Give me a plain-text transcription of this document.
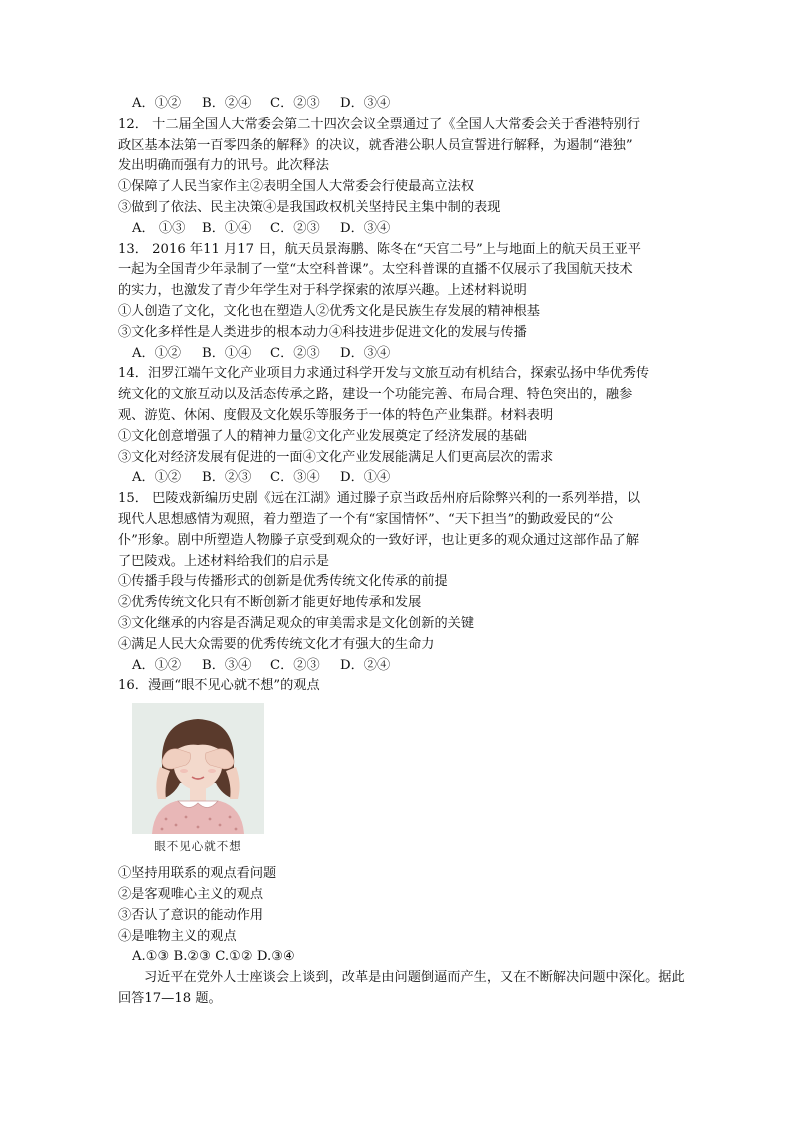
A．①② B．②④ C．②③ D．③④
12． 十二届全国人大常委会第二十四次会议全票通过了《全国人大常委会关于香港特别行
政区基本法第一百零四条的解释》的决议，就香港公职人员宣誓进行解释，为遏制“港独”
发出明确而强有力的讯号。此次释法
①保障了人民当家作主②表明全国人大常委会行使最高立法权
③做到了依法、民主决策④是我国政权机关坚持民主集中制的表现
A． ①③ B．①④ C．②③ D．③④
13． 2016 年11 月17 日，航天员景海鹏、陈冬在“天宫二号”上与地面上的航天员王亚平
一起为全国青少年录制了一堂“太空科普课”。太空科普课的直播不仅展示了我国航天技术
的实力，也激发了青少年学生对于科学探索的浓厚兴趣。上述材料说明
①人创造了文化，文化也在塑造人②优秀文化是民族生存发展的精神根基
③文化多样性是人类进步的根本动力④科技进步促进文化的发展与传播
A．①② B．①④ C．②③ D．③④
14．汨罗江端午文化产业项目力求通过科学开发与文旅互动有机结合，探索弘扬中华优秀传
统文化的文旅互动以及活态传承之路，建设一个功能完善、布局合理、特色突出的，融参
观、游览、休闲、度假及文化娱乐等服务于一体的特色产业集群。材料表明
①文化创意增强了人的精神力量②文化产业发展奠定了经济发展的基础
③文化对经济发展有促进的一面④文化产业发展能满足人们更高层次的需求
A．①② B．②③ C．③④ D．①④
15． 巴陵戏新编历史剧《远在江湖》通过滕子京当政岳州府后除弊兴利的一系列举措，以
现代人思想感情为观照，着力塑造了一个有“家国情怀”、“天下担当”的勤政爱民的“公
仆”形象。剧中所塑造人物滕子京受到观众的一致好评，也让更多的观众通过这部作品了解
了巴陵戏。上述材料给我们的启示是
①传播手段与传播形式的创新是优秀传统文化传承的前提
②优秀传统文化只有不断创新才能更好地传承和发展
③文化继承的内容是否满足观众的审美需求是文化创新的关键
④满足人民大众需要的优秀传统文化才有强大的生命力
A．①② B．③④ C．②③ D．②④
16．漫画“眼不见心就不想”的观点
眼不见心就不想
①坚持用联系的观点看问题
②是客观唯心主义的观点
③否认了意识的能动作用
④是唯物主义的观点
A.①③ B.②③ C.①② D.③④
习近平在党外人士座谈会上谈到，改革是由问题倒逼而产生，又在不断解决问题中深化。据此回答17—18 题。
